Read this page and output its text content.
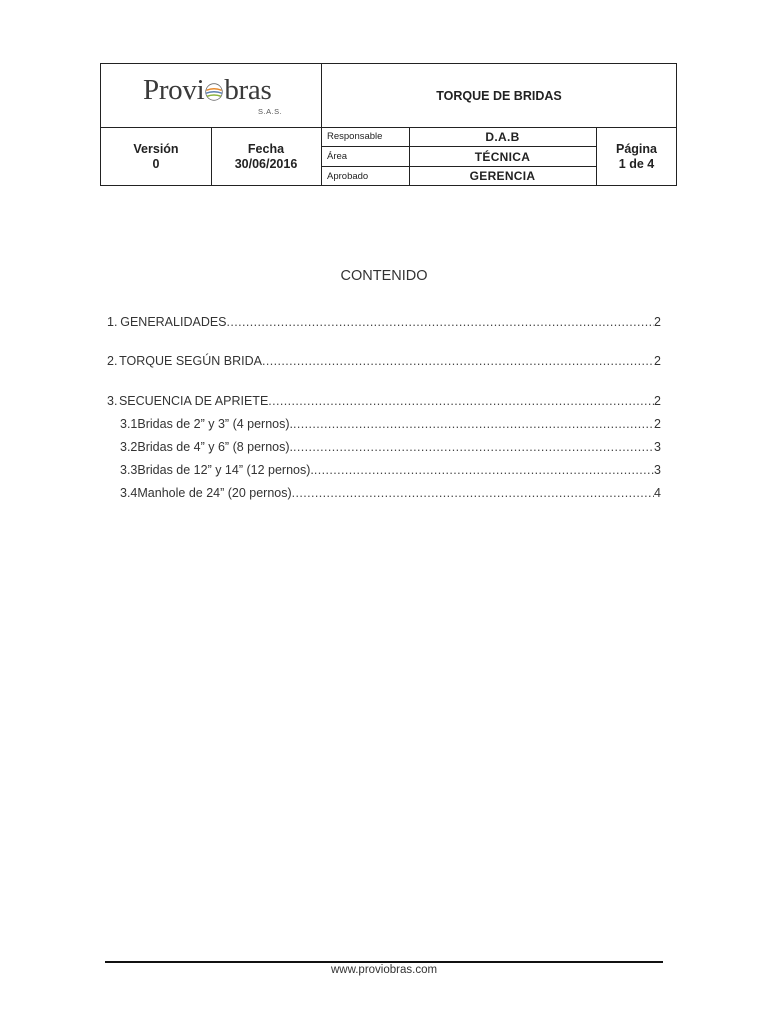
Provi bras
S.A.S.
TORQUE DE BRIDAS
Versión
0
Fecha
30/06/2016
Responsable	D.A.B
Área	TÉCNICA
Aprobado	GERENCIA
Página
1 de 4
CONTENIDO
1. GENERALIDADES .....	2
2. TORQUE SEGÚN BRIDA .....	2
3. SECUENCIA DE APRIETE .....	2
3.1 Bridas de 2” y 3” (4 pernos). .....	2
3.2 Bridas de 4” y 6” (8 pernos). .....	3
3.3 Bridas de 12” y 14” (12 pernos). .....	3
3.4 Manhole de 24” (20 pernos) .....	4
www.proviobras.com
